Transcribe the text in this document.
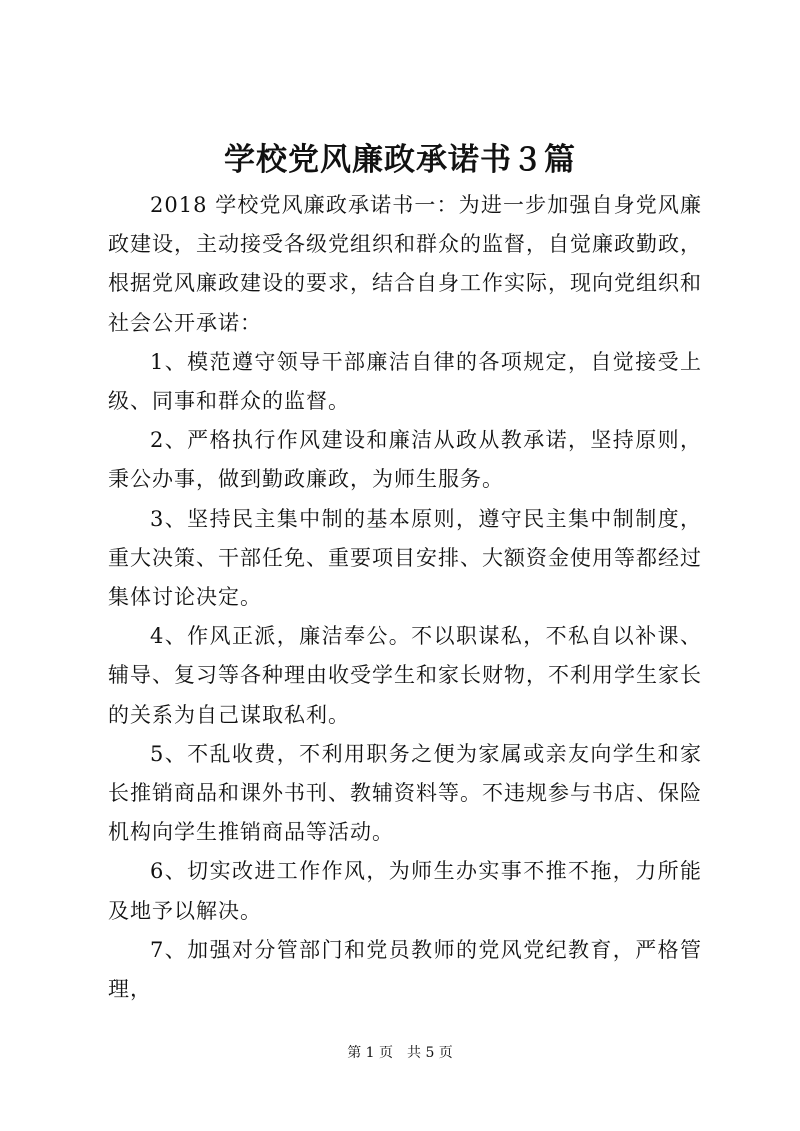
学校党风廉政承诺书３篇

2018 学校党风廉政承诺书一：为进一步加强自身党风廉政建设，主动接受各级党组织和群众的监督，自觉廉政勤政，根据党风廉政建设的要求，结合自身工作实际，现向党组织和社会公开承诺：

1、模范遵守领导干部廉洁自律的各项规定，自觉接受上级、同事和群众的监督。

2、严格执行作风建设和廉洁从政从教承诺，坚持原则，秉公办事，做到勤政廉政，为师生服务。

3、坚持民主集中制的基本原则，遵守民主集中制制度，重大决策、干部任免、重要项目安排、大额资金使用等都经过集体讨论决定。

4、作风正派，廉洁奉公。不以职谋私，不私自以补课、辅导、复习等各种理由收受学生和家长财物，不利用学生家长的关系为自己谋取私利。

5、不乱收费，不利用职务之便为家属或亲友向学生和家长推销商品和课外书刊、教辅资料等。不违规参与书店、保险机构向学生推销商品等活动。

6、切实改进工作作风，为师生办实事不推不拖，力所能及地予以解决。

7、加强对分管部门和党员教师的党风党纪教育，严格管理，

第 1 页　共 5 页
